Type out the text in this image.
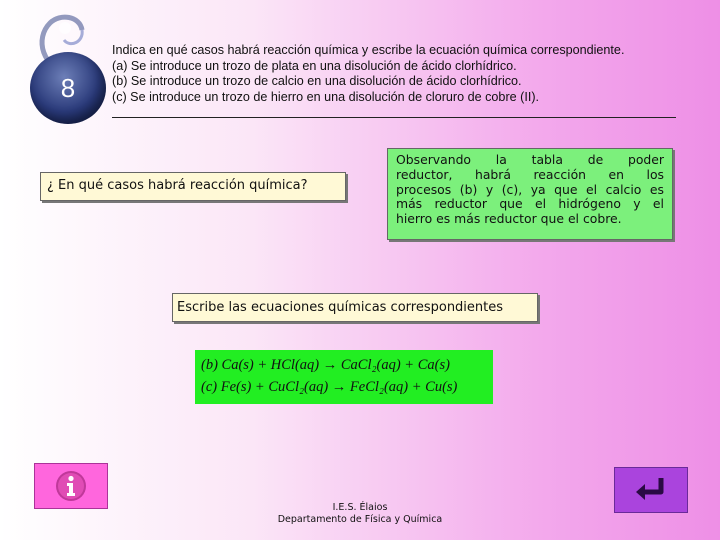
8
Indica en qué casos habrá reacción química y escribe la ecuación química correspondiente.
(a) Se introduce un trozo de plata en una disolución de ácido clorhídrico.
(b) Se introduce un trozo de calcio en una disolución de ácido clorhídrico.
(c) Se introduce un trozo de hierro en una disolución de cloruro de cobre (II).
¿ En qué casos habrá reacción química?
Observando la tabla de poder
reductor, habrá reacción en los
procesos (b) y (c), ya que el calcio es
más reductor que el hidrógeno y el
hierro es más reductor que el cobre.
Escribe las ecuaciones químicas correspondientes
(b) Ca(s) + HCl(aq) → CaCl₂(aq) + Ca(s)
(c) Fe(s) + CuCl₂(aq) → FeCl₂(aq) + Cu(s)
I.E.S. Élaios
Departamento de Física y Química
